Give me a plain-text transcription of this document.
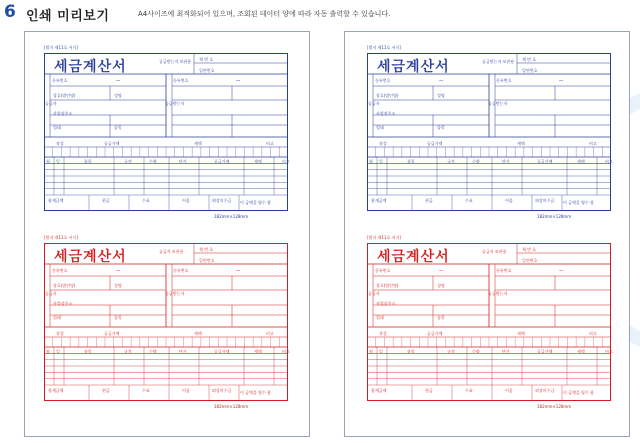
6 인쇄 미리보기	A4사이즈에 최적화되어 있으며, 조회된 데이터 양에 따라 자동 출력할 수 있습니다.
[별지 제11호 서식]
세금계산서	공급받는자 보관용 책 번 호
일련번호
등록번호	--	등록번호	--
공급자	공급받는자
상호(법인명)	성명
사업장주소
업태	종목
작성	공급가액	세액	비고
182mm×128mm
이 금액을 영수 함
월 일	품목	규격	수량	단가	공급가액	세액	비고
합계금액	현금	수표	어음	외상미수금
[별지 제11호 서식]
세금계산서	공급자 보관용	책 번 호
일련번호
등록번호	--	등록번호	--
공급자	공급받는자
상호(법인명)	성명
사업장주소
업태	종목
작성	공급가액	세액	비고
182mm×128mm
이 금액을 영수 함
월 일	품목	규격	수량	단가	공급가액	세액	비고
합계금액	현금	수표	어음	외상미수금
[별지 제11호 서식]
세금계산서	공급받는자 보관용 책 번 호
일련번호
등록번호	--	등록번호	--
공급자	공급받는자
상호(법인명)	성명
사업장주소
업태	종목
작성	공급가액	세액	비고
182mm×128mm
이 금액을 영수 함
월 일	품목	규격	수량	단가	공급가액	세액	비고
합계금액	현금	수표	어음	외상미수금
[별지 제11호 서식]
세금계산서	공급자 보관용	책 번 호
일련번호
등록번호	--	등록번호	--
공급자	공급받는자
상호(법인명)	성명
사업장주소
업태	종목
작성	공급가액	세액	비고
182mm×128mm
이 금액을 영수 함
월 일	품목	규격	수량	단가	공급가액	세액	비고
합계금액	현금	수표	어음	외상미수금
